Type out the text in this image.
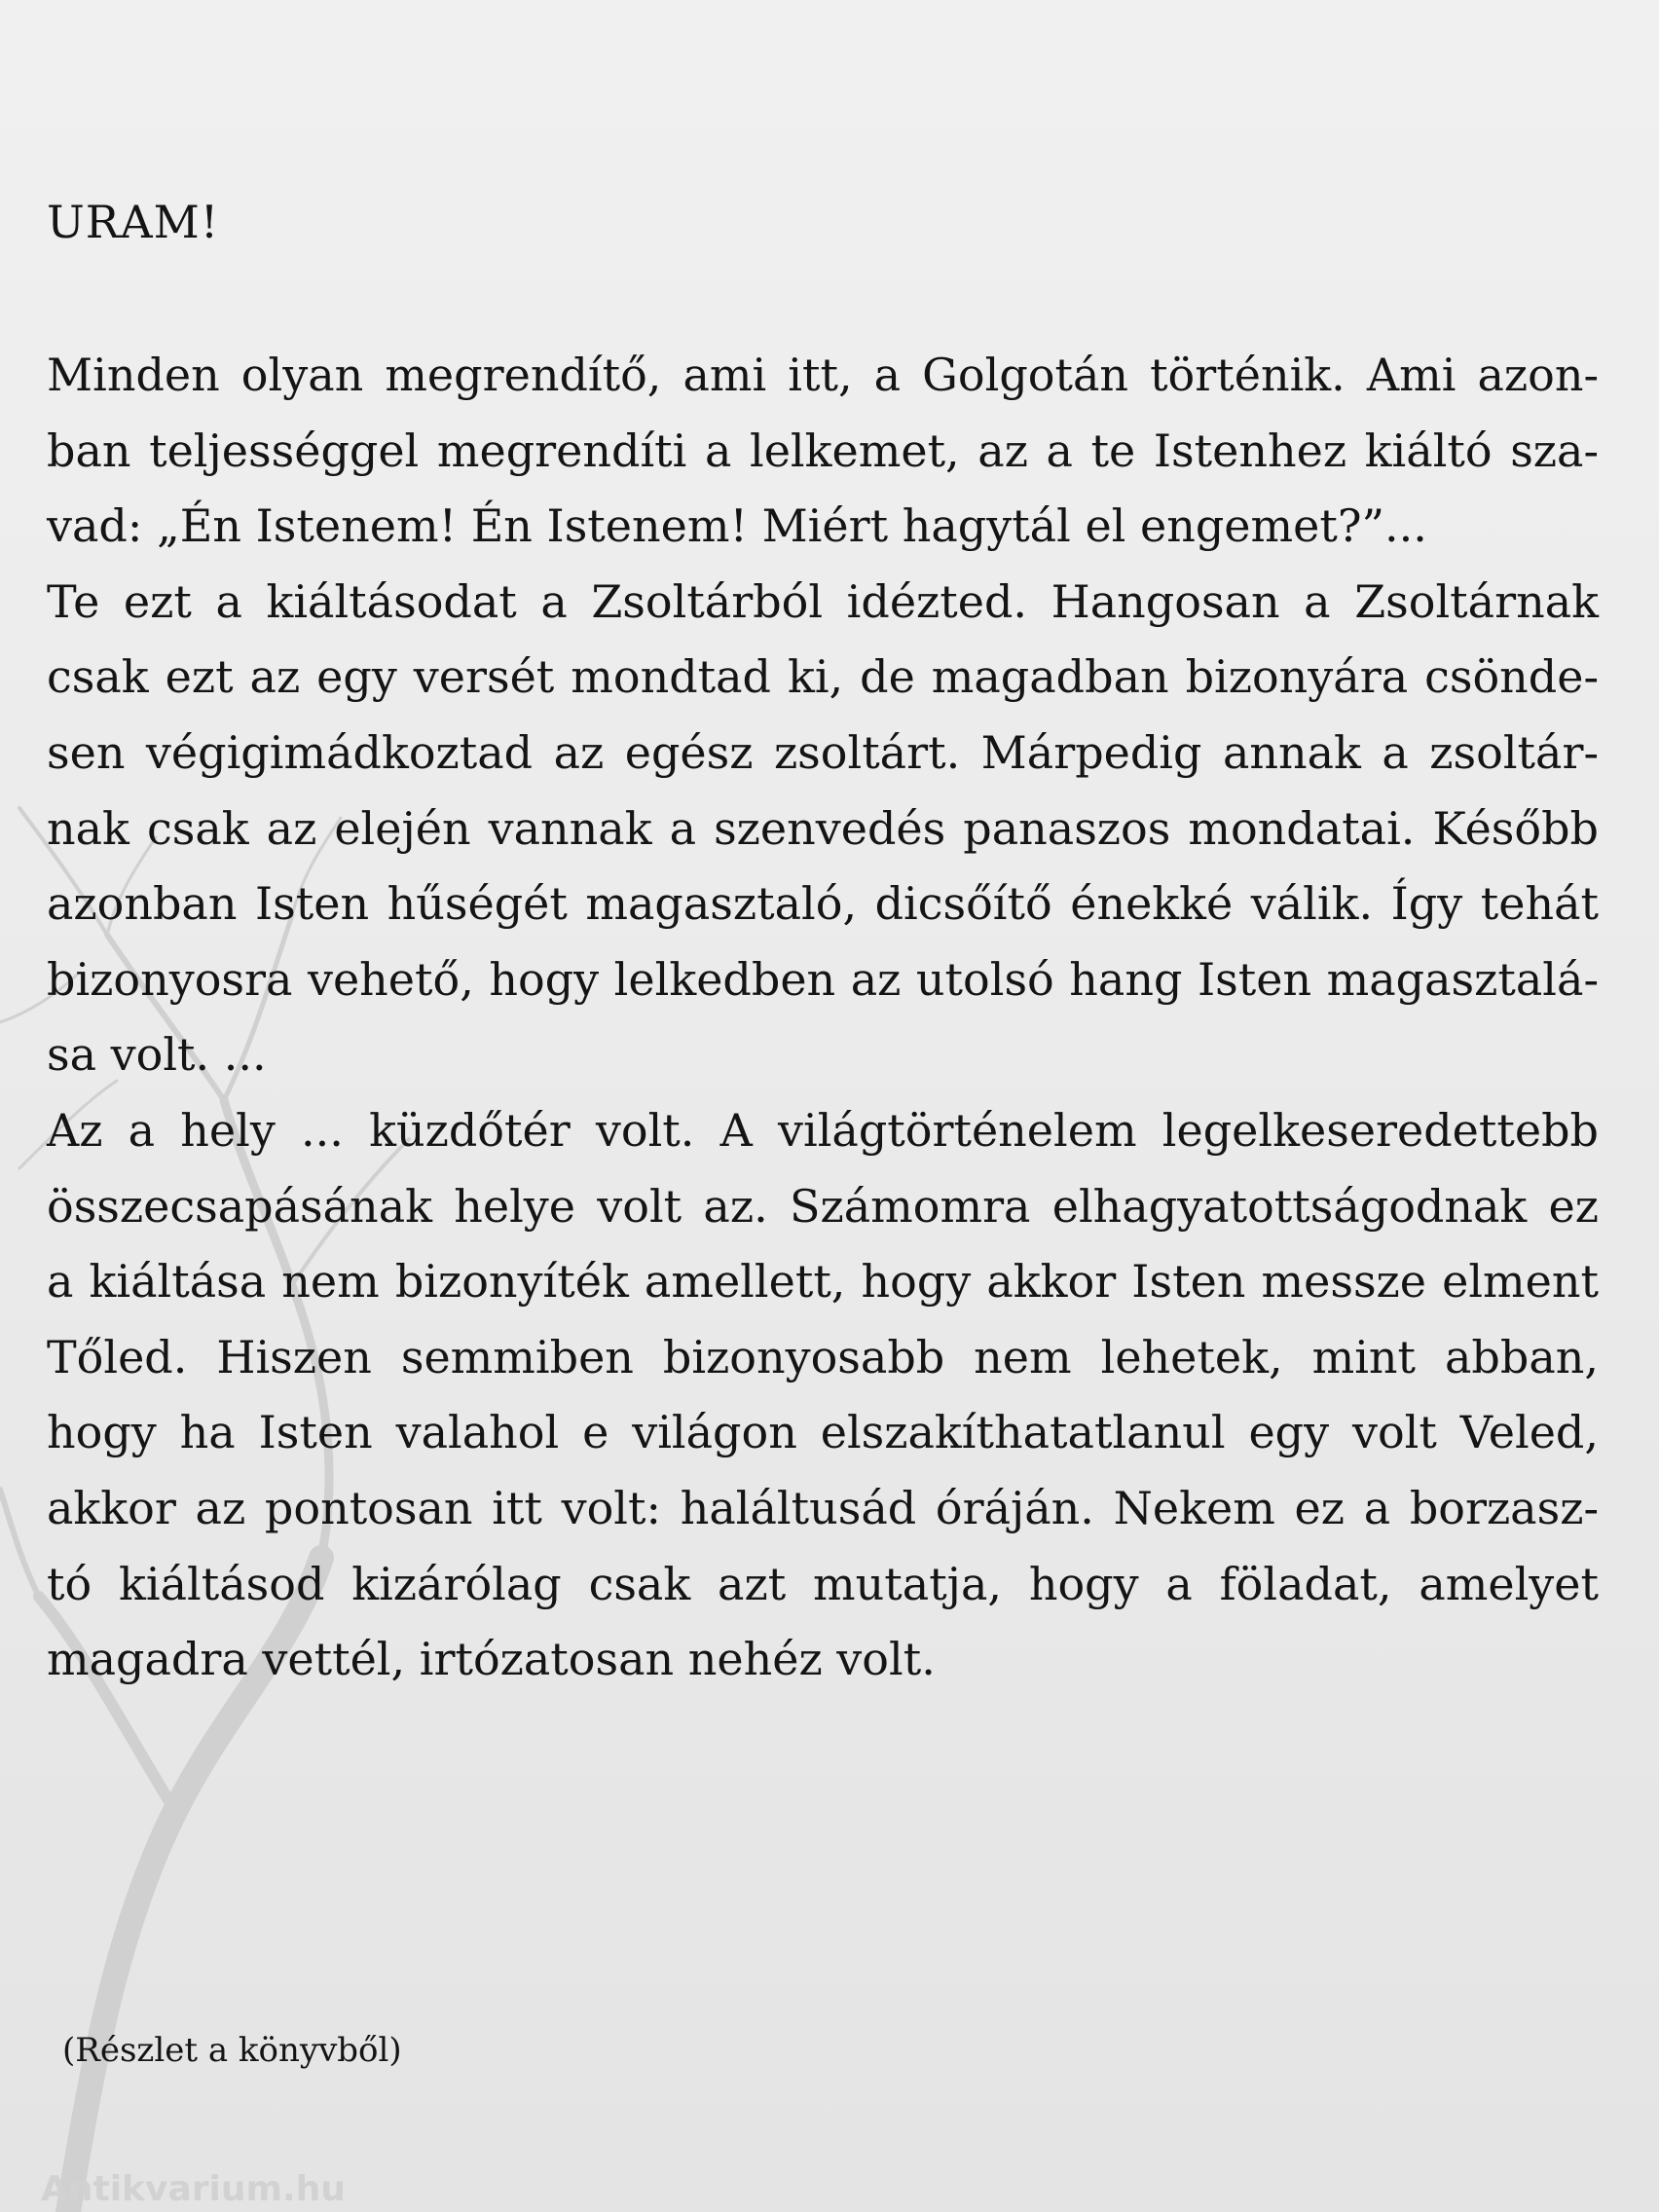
URAM!
Minden olyan megrendítő, ami itt, a Golgotán történik. Ami azon-
ban teljességgel megrendíti a lelkemet, az a te Istenhez kiáltó sza-
vad: „Én Istenem! Én Istenem! Miért hagytál el engemet?”...
Te ezt a kiáltásodat a Zsoltárból idézted. Hangosan a Zsoltárnak
csak ezt az egy versét mondtad ki, de magadban bizonyára csönde-
sen végigimádkoztad az egész zsoltárt. Márpedig annak a zsoltár-
nak csak az elején vannak a szenvedés panaszos mondatai. Később
azonban Isten hűségét magasztaló, dicsőítő énekké válik. Így tehát
bizonyosra vehető, hogy lelkedben az utolsó hang Isten magasztalá-
sa volt. ...
Az a hely ... küzdőtér volt. A világtörténelem legelkeseredettebb
összecsapásának helye volt az. Számomra elhagyatottságodnak ez
a kiáltása nem bizonyíték amellett, hogy akkor Isten messze elment
Tőled. Hiszen semmiben bizonyosabb nem lehetek, mint abban,
hogy ha Isten valahol e világon elszakíthatatlanul egy volt Veled,
akkor az pontosan itt volt: haláltusád óráján. Nekem ez a borzasz-
tó kiáltásod kizárólag csak azt mutatja, hogy a föladat, amelyet
magadra vettél, irtózatosan nehéz volt.
(Részlet a könyvből)
Antikvarium.hu
